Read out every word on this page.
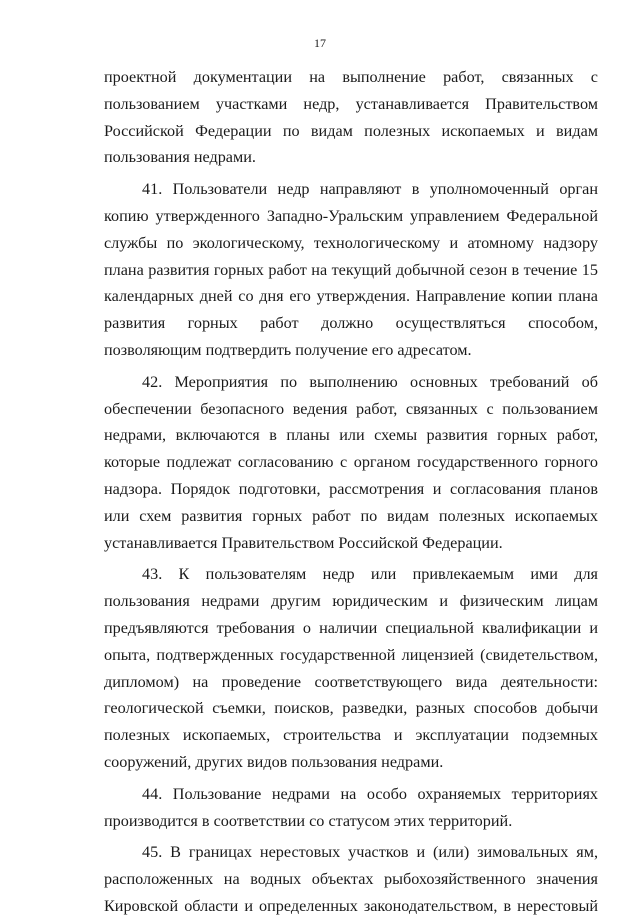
17

проектной документации на выполнение работ, связанных с пользованием участками недр, устанавливается Правительством Российской Федерации по видам полезных ископаемых и видам пользования недрами.

41. Пользователи недр направляют в уполномоченный орган копию утвержденного Западно-Уральским управлением Федеральной службы по экологическому, технологическому и атомному надзору плана развития горных работ на текущий добычной сезон в течение 15 календарных дней со дня его утверждения. Направление копии плана развития горных работ должно осуществляться способом, позволяющим подтвердить получение его адресатом.

42. Мероприятия по выполнению основных требований об обеспечении безопасного ведения работ, связанных с пользованием недрами, включаются в планы или схемы развития горных работ, которые подлежат согласованию с органом государственного горного надзора. Порядок подготовки, рассмотрения и согласования планов или схем развития горных работ по видам полезных ископаемых устанавливается Правительством Российской Федерации.

43. К пользователям недр или привлекаемым ими для пользования недрами другим юридическим и физическим лицам предъявляются требования о наличии специальной квалификации и опыта, подтвержденных государственной лицензией (свидетельством, дипломом) на проведение соответствующего вида деятельности: геологической съемки, поисков, разведки, разных способов добычи полезных ископаемых, строительства и эксплуатации подземных сооружений, других видов пользования недрами.

44. Пользование недрами на особо охраняемых территориях производится в соответствии со статусом этих территорий.

45. В границах нерестовых участков и (или) зимовальных ям, расположенных на водных объектах рыбохозяйственного значения Кировской области и определенных законодательством, в нерестовый
